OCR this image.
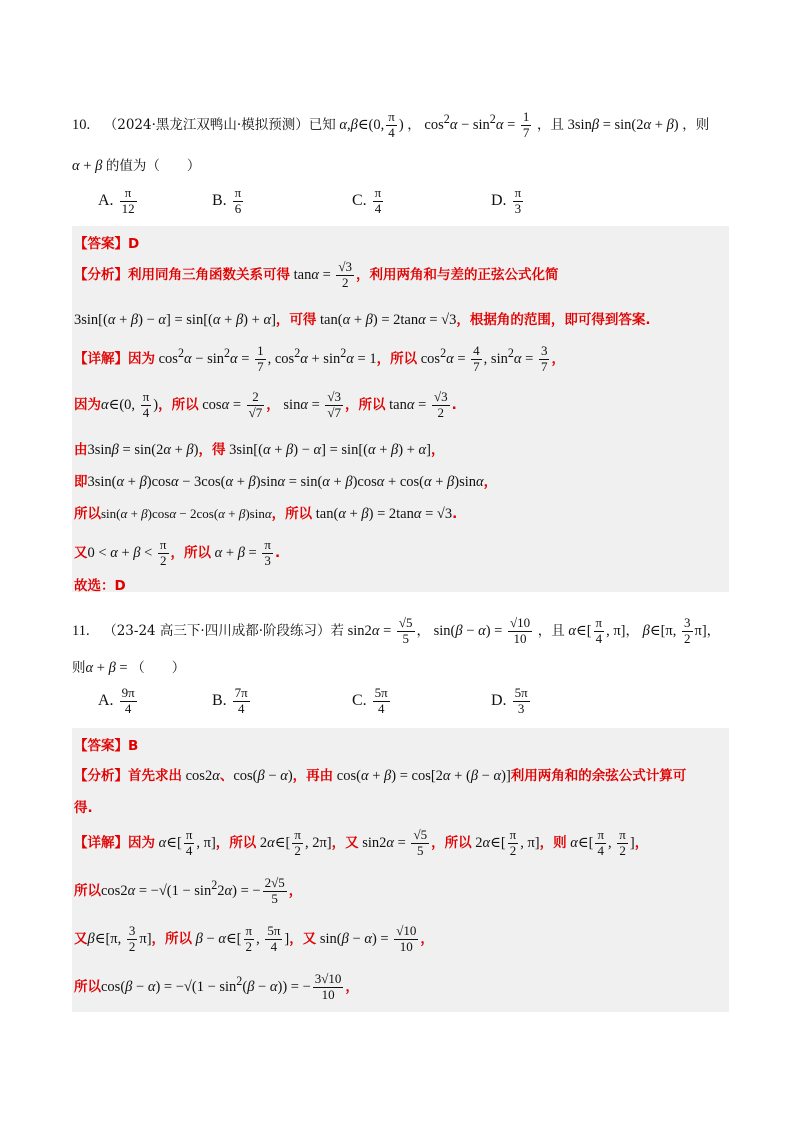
10. （2024·黑龙江双鸭山·模拟预测）已知 α,β∈(0, $\frac{\pi}{4}$ ) ， $\cos^2\alpha - \sin^2\alpha = \frac{1}{7}$ ，且 3sinβ = sin(2α + β) ，则
α + β 的值为（　　）
A. $\frac{\pi}{12}$	B. $\frac{\pi}{6}$	C. $\frac{\pi}{4}$	D. $\frac{\pi}{3}$
【答案】D
【分析】利用同角三角函数关系可得 $\tan\alpha = \frac{√3}{2}$ ，利用两角和与差的正弦公式化简
3sin[(α + β) − α] = sin[(α + β) + α]，可得 tan(α + β) = 2tanα = √3，根据角的范围，即可得到答案.
【详解】因为 $\cos^2\alpha - \sin^2\alpha = \frac{1}{7}$ , $\cos^2\alpha + \sin^2\alpha = 1$，所以 $\cos^2\alpha = \frac{4}{7}$ , $\sin^2\alpha = \frac{3}{7}$ ，
因为α∈(0, $\frac{\pi}{4}$ )，所以 $\cos\alpha = \frac{2}{√7}$ ， $\sin\alpha = \frac{√3}{√7}$ ，所以 $\tan\alpha = \frac{√3}{2}$ .
由3sinβ = sin(2α + β)，得 3sin[(α + β) − α] = sin[(α + β) + α]，
即3sin(α + β)cosα − 3cos(α + β)sinα = sin(α + β)cosα + cos(α + β)sinα，
所以sin(α + β)cosα − 2cos(α + β)sinα，所以 tan(α + β) = 2tanα = √3.
又$0 < \alpha + \beta < \frac{\pi}{2}$ ，所以 $\alpha + \beta = \frac{\pi}{3}$ .
故选：D
11. （23-24 高三下·四川成都·阶段练习）若 $\sin 2\alpha = \frac{√5}{5}$ ， $\sin(\beta - \alpha) = \frac{√10}{10}$ ，且 α∈[ $\frac{\pi}{4}$ , π]， β∈[π, $\frac{3}{2} \pi$]，
则α + β = （　　）
A. $\frac{9\pi}{4}$	B. $\frac{7\pi}{4}$	C. $\frac{5\pi}{4}$	D. $\frac{5\pi}{3}$
【答案】B
【分析】首先求出 cos2α、cos(β − α)，再由 cos(α + β) = cos[2α + (β − α)]利用两角和的余弦公式计算可
得.
【详解】因为 α∈[ $\frac{\pi}{4}$ , π]，所以 2α∈[ $\frac{\pi}{2}$ , 2π]，又 $\sin 2\alpha = \frac{√5}{5}$ ，所以 2α∈[ $\frac{\pi}{2}$ , π]，则 α∈[ $\frac{\pi}{4}$ , $\frac{\pi}{2}$ ]，
所以$\cos 2\alpha = -√(1 - \sin^22\alpha)$ = − $\frac{2√5}{5}$ ，
又β∈[π, $\frac{3}{2} \pi$]，所以 β − α∈[ $\frac{\pi}{2}$ , $\frac{5\pi}{4}$ ]，又 $\sin(\beta - \alpha) = \frac{√10}{10}$ ，
所以$\cos(\beta - \alpha) = -√(1 - \sin^2(\beta - \alpha))$ = − $\frac{3√10}{10}$ ，
